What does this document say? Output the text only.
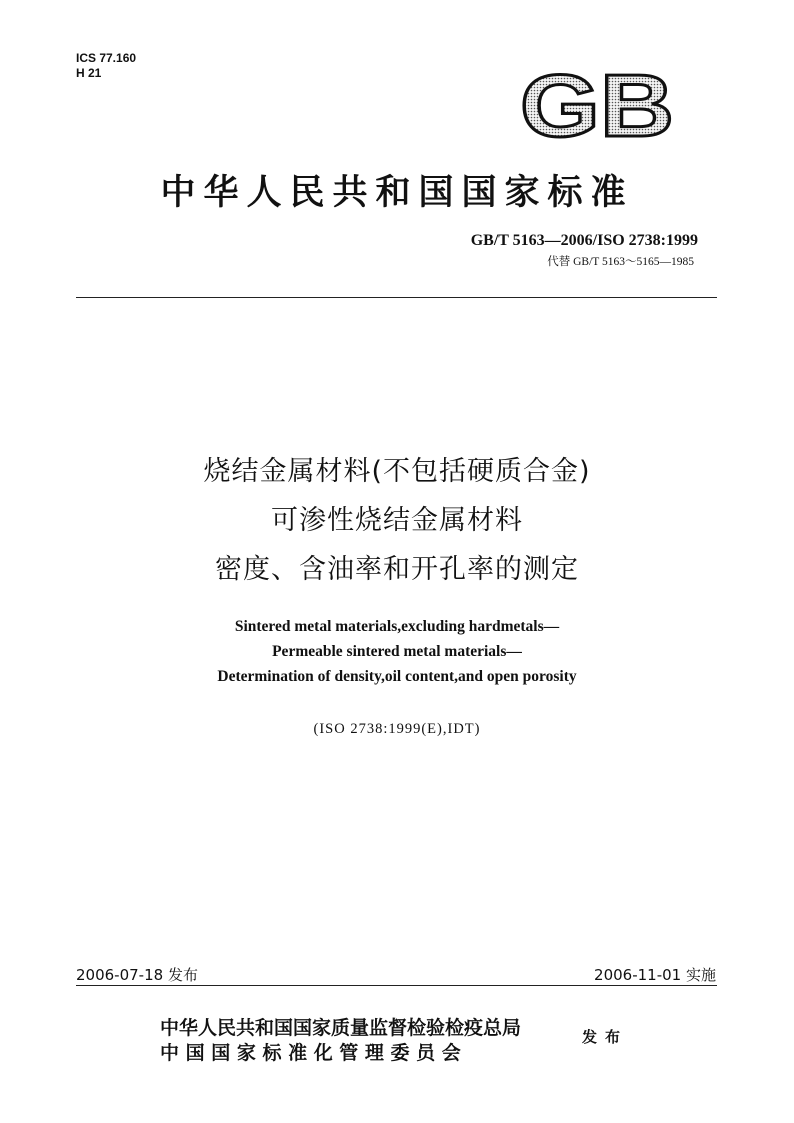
ICS 77.160
H 21	GB
中华人民共和国国家标准
GB/T 5163—2006/ISO 2738:1999
代替 GB/T 5163～5165—1985
烧结金属材料(不包括硬质合金)
可渗性烧结金属材料
密度、含油率和开孔率的测定
Sintered metal materials,excluding hardmetals—
Permeable sintered metal materials—
Determination of density,oil content,and open porosity
(ISO 2738:1999(E),IDT)
2006-07-18 发布	2006-11-01 实施
中华人民共和国国家质量监督检验检疫总局
中 国 国 家 标 准 化 管 理 委 员 会
发布
